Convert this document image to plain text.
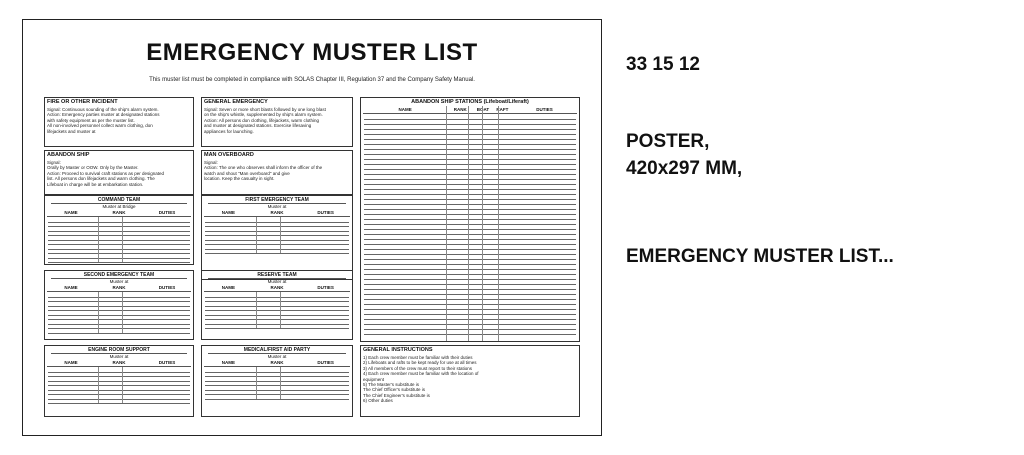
EMERGENCY MUSTER LIST
This muster list must be completed in compliance with SOLAS Chapter III, Regulation 37 and the Company Safety Manual.
FIRE OR OTHER INCIDENT
Signal: Continuous sounding of the ship's alarm system.
Action: Emergency parties muster at designated stations
with safety equipment as per the muster list.
All non-involved personnel collect warm clothing, don
lifejackets and muster at
GENERAL EMERGENCY
Signal: Seven or more short blasts followed by one long blast
on the ship's whistle, supplemented by ship's alarm system.
Action: All persons don clothing, lifejackets, warm clothing
and muster at designated stations. Exercise lifesaving
appliances for launching.
ABANDON SHIP STATIONS (Lifeboat/Liferaft)
NAME	RANK	BOAT	RAFT	DUTIES
ABANDON SHIP
Signal:
Orally by Master or OOW. Only by the Master.
Action: Proceed to survival craft stations as per designated
list. All persons don lifejackets and warm clothing. The
Lifeboat in charge will be at embarkation station.
MAN OVERBOARD
Signal:
Action: The one who observes shall inform the officer of the
watch and shout "Man overboard" and give
location. Keep the casualty in sight.
COMMAND TEAM
Muster at Bridge
NAME	RANK	DUTIES
FIRST EMERGENCY TEAM
Muster at
NAME	RANK	DUTIES
SECOND EMERGENCY TEAM
Muster at
NAME	RANK	DUTIES
RESERVE TEAM
Muster at
NAME	RANK	DUTIES
ENGINE ROOM SUPPORT
Muster at
NAME	RANK	DUTIES
MEDICAL/FIRST AID PARTY
Muster at
NAME	RANK	DUTIES
GENERAL INSTRUCTIONS
1) Each crew member must be familiar with their duties
2) Lifeboats and rafts to be kept ready for use at all times
3) All members of the crew must report to their stations
4) Each crew member must be familiar with the location of
equipment
5) The Master's substitute is
The Chief Officer's substitute is
The Chief Engineer's substitute is
6) Other duties
33 15 12
POSTER,
420x297 MM,
EMERGENCY MUSTER LIST...
